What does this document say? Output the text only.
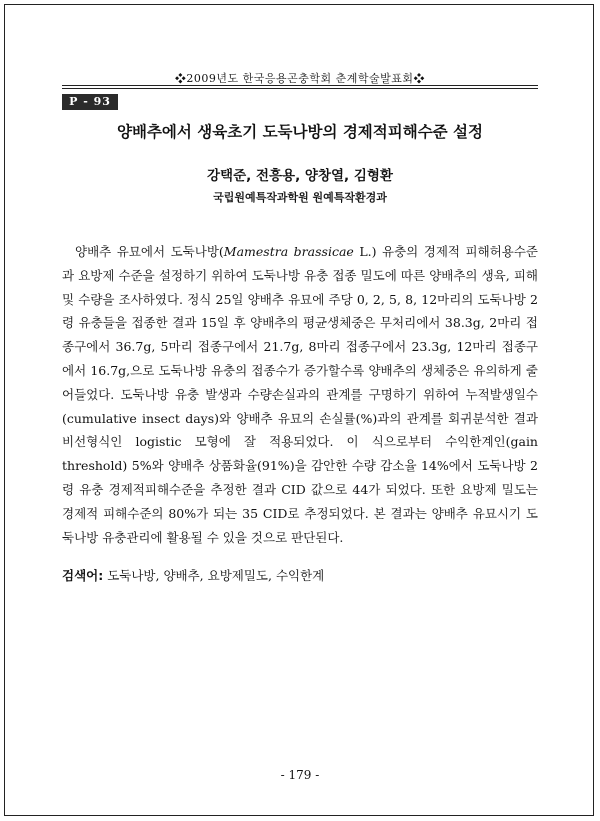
❖2009년도 한국응용곤충학회 춘계학술발표회❖
P - 93
양배추에서 생육초기 도둑나방의 경제적피해수준 설정
강택준, 전흥용, 양창열, 김형환
국립원예특작과학원 원예특작환경과

양배추 유묘에서 도둑나방(Mamestra brassicae L.) 유충의 경제적 피해허용수준과 요방제 수준을 설정하기 위하여 도둑나방 유충 접종 밀도에 따른 양배추의 생육, 피해 및 수량을 조사하였다. 정식 25일 양배추 유묘에 주당 0, 2, 5, 8, 12마리의 도둑나방 2령 유충들을 접종한 결과 15일 후 양배추의 평균생체중은 무처리에서 38.3g, 2마리 접종구에서 36.7g, 5마리 접종구에서 21.7g, 8마리 접종구에서 23.3g, 12마리 접종구에서 16.7g,으로 도둑나방 유충의 접종수가 증가할수록 양배추의 생체중은 유의하게 줄어들었다. 도둑나방 유충 발생과 수량손실과의 관계를 구명하기 위하여 누적발생일수(cumulative insect days)와 양배추 유묘의 손실률(%)과의 관계를 회귀분석한 결과 비선형식인 logistic 모형에 잘 적용되었다. 이 식으로부터 수익한계인(gain threshold) 5%와 양배추 상품화율(91%)을 감안한 수량 감소율 14%에서 도둑나방 2령 유충 경제적피해수준을 추정한 결과 CID 값으로 44가 되었다. 또한 요방제 밀도는 경제적 피해수준의 80%가 되는 35 CID로 추정되었다. 본 결과는 양배추 유묘시기 도둑나방 유충관리에 활용될 수 있을 것으로 판단된다.

검색어: 도둑나방, 양배추, 요방제밀도, 수익한계
- 179 -
